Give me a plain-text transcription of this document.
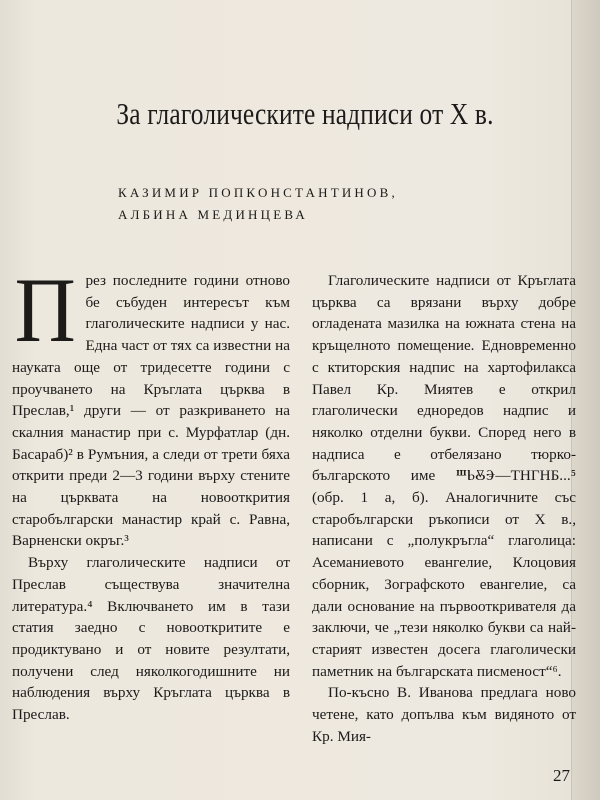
За глаголическите надписи от X в.
КАЗИМИР ПОПКОНСТАНТИНОВ,
АЛБИНА МЕДИНЦЕВА
П рез последните години отново бе събуден интересът към глаголическите надписи у нас. Една част от тях са известни на науката още от тридесетте години с проучването на Кръглата църква в Преслав,¹ други — от разкриването на скалния манастир при с. Мурфатлар (дн. Басараб)² в Румъния, а следи от трети бяха открити преди 2—3 години върху стените на църквата на новооткрития старобългарски манастир край с. Равна, Варненски окръг.³

Върху глаголическите надписи от Преслав съществува значителна литература.⁴ Включването им в тази статия заедно с новооткритите е продиктувано и от новите резултати, получени след няколкогодишните ни наблюдения върху Кръглата църква в Преслав.

Глаголическите надписи от Кръглата църква са врязани върху добре огладената мазилка на южната стена на кръщелното помещение. Едновременно с ктиторския надпис на хартофилакса Павел Кр. Миятев е открил глаголически едноредов надпис и няколко отделни букви. Според него в надписа е отбелязано тюрко-българското име ⰞⰓⰋⰅ—ТНГНБ...⁵ (обр. 1 а, б). Аналогичните със старобългарски ръкописи от X в., написани с „полукръгла“ глаголица: Асеманиевото евангелие, Клоцовия сборник, Зографското евангелие, са дали основание на първооткривателя да заключи, че „тези няколко букви са най-старият известен досега глаголически паметник на българската писменост“⁶.

По-късно В. Иванова предлага ново четене, като допълва към видяното от Кр. Мия-

27
